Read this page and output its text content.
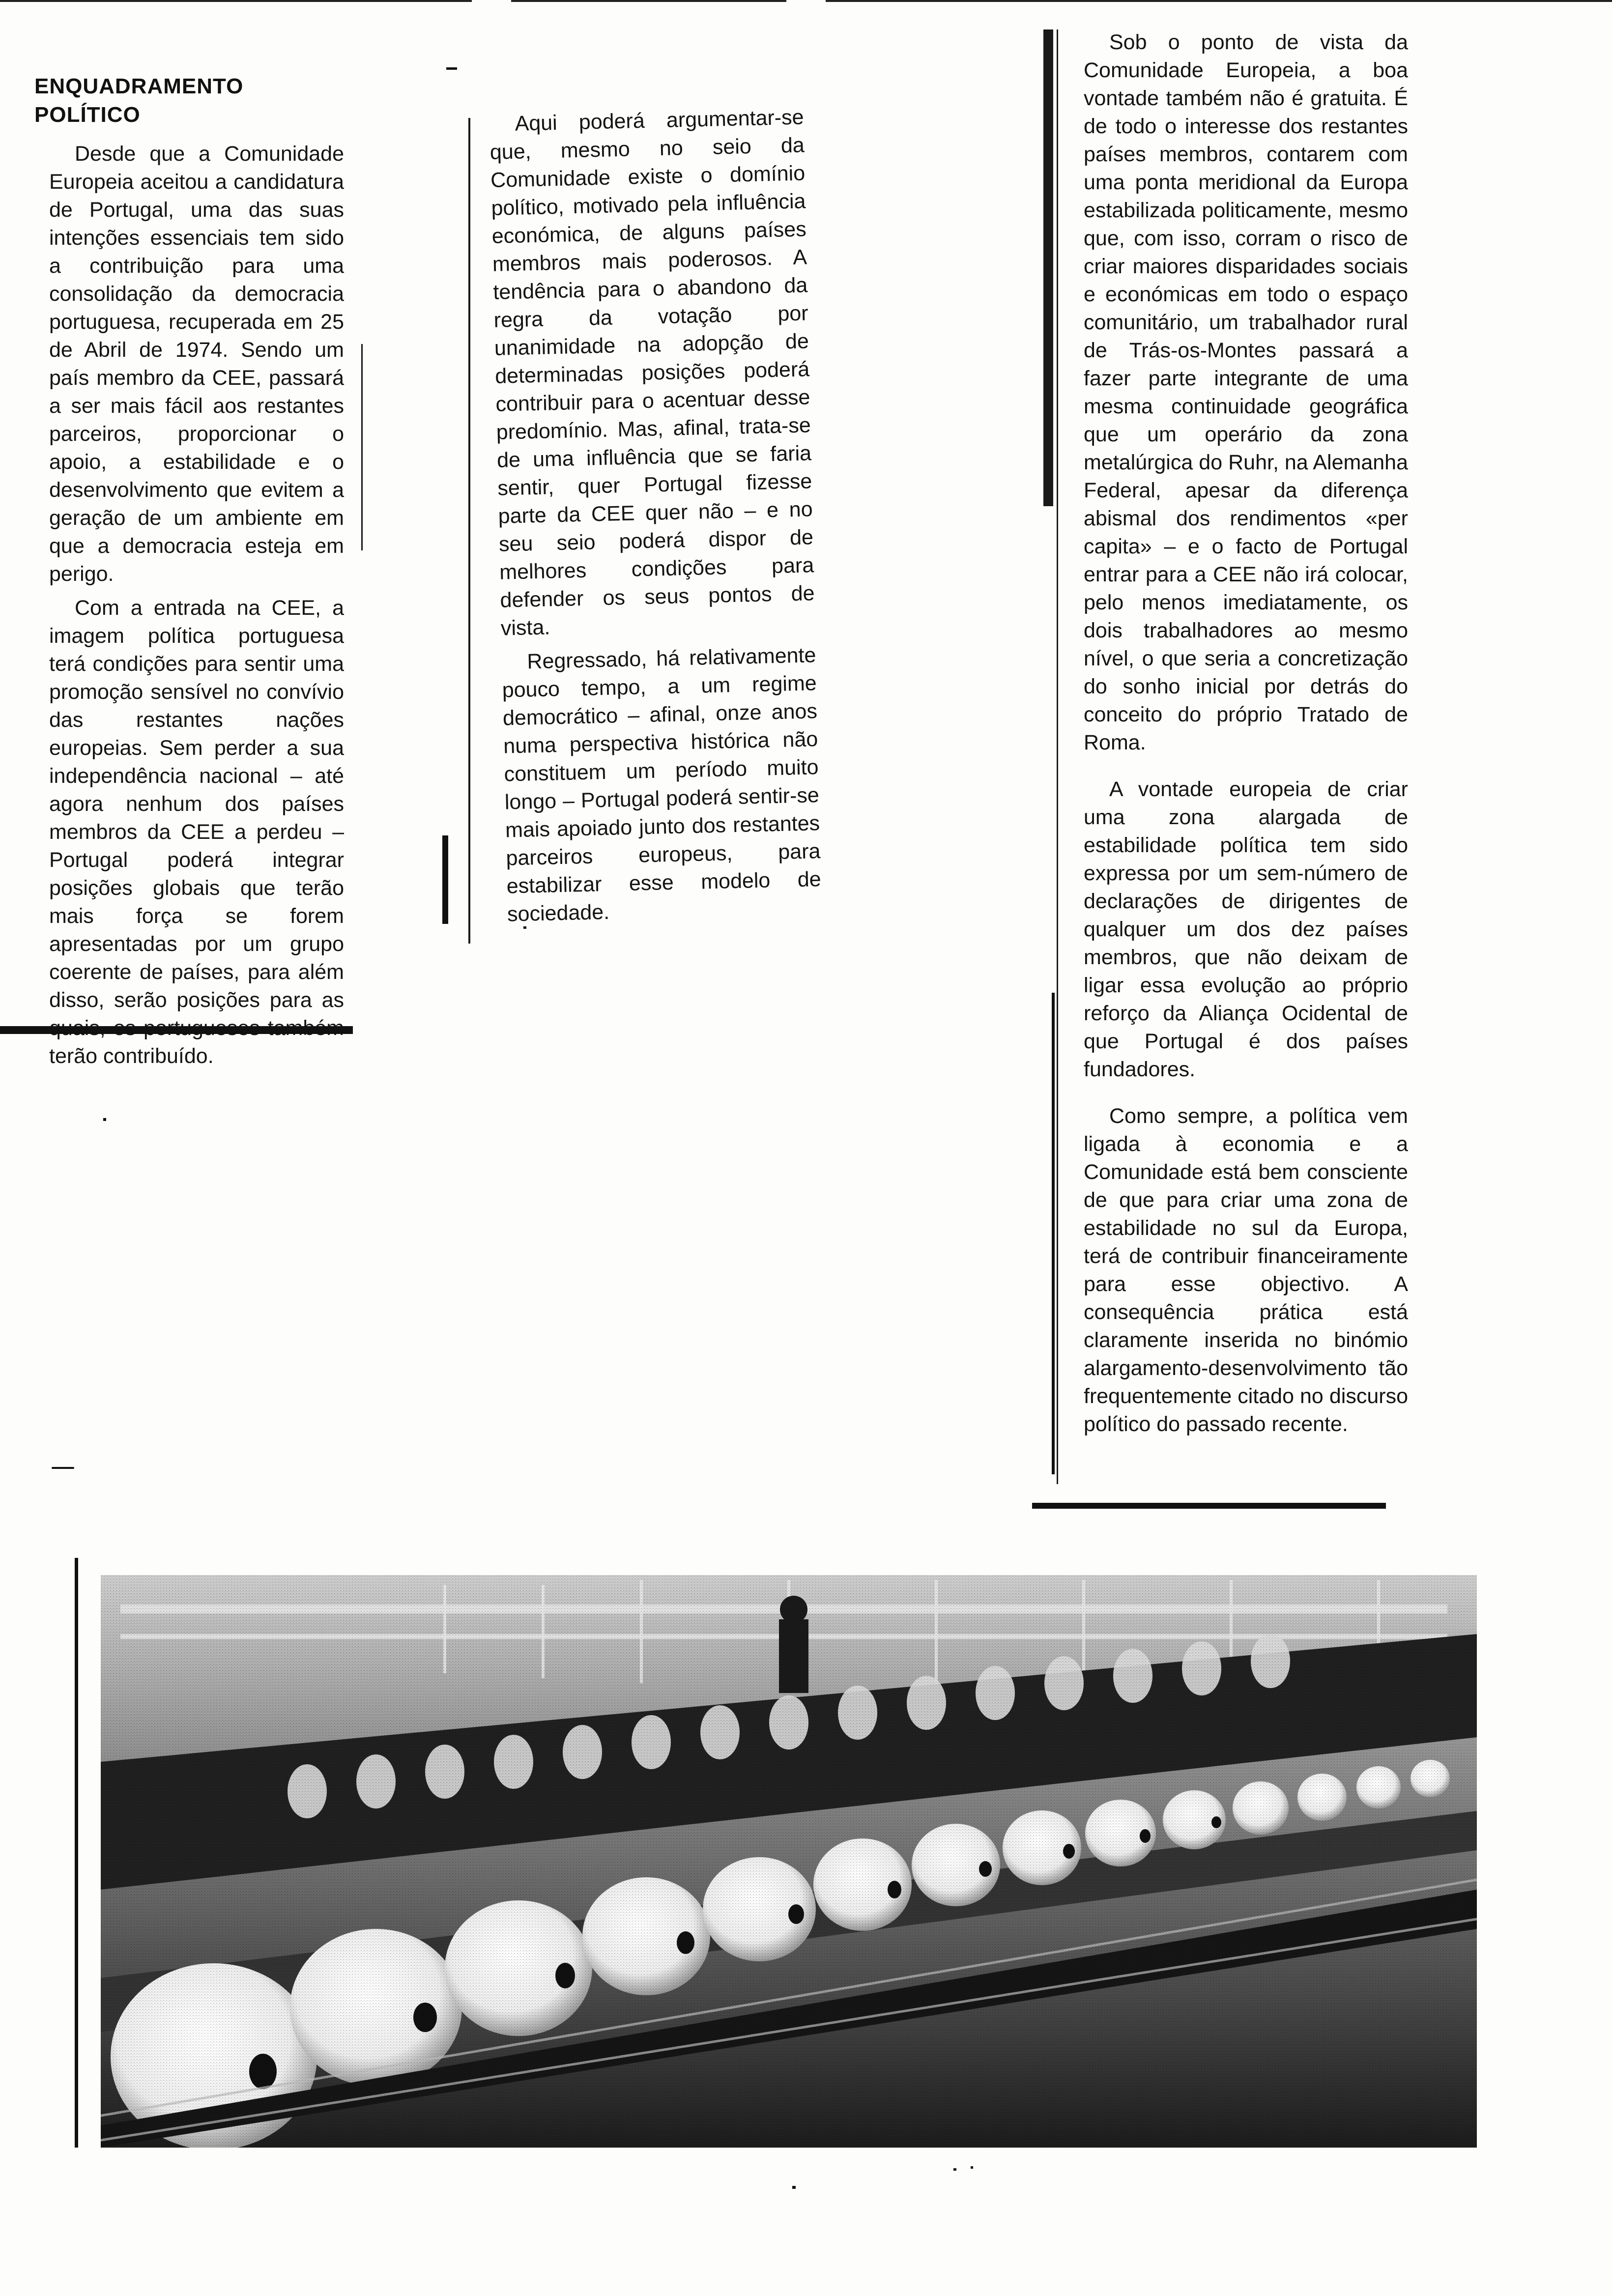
ENQUADRAMENTO POLÍTICO

Desde que a Comunidade Europeia aceitou a candidatura de Portugal, uma das suas intenções essenciais tem sido a contribuição para uma consolidação da democracia portuguesa, recuperada em 25 de Abril de 1974. Sendo um país membro da CEE, passará a ser mais fácil aos restantes parceiros, proporcionar o apoio, a estabilidade e o desenvolvimento que evitem a geração de um ambiente em que a democracia esteja em perigo.

Com a entrada na CEE, a imagem política portuguesa terá condições para sentir uma promoção sensível no convívio das restantes nações europeias. Sem perder a sua independência nacional – até agora nenhum dos países membros da CEE a perdeu – Portugal poderá integrar posições globais que terão mais força se forem apresentadas por um grupo coerente de países, para além disso, serão posições para as terão contribuído.

Aqui poderá argumentar-se que, mesmo no seio da Comunidade existe o domínio político, motivado pela influência económica, de alguns países membros mais poderosos. A tendência para o abandono da regra da votação por unanimidade na adopção de determinadas posições poderá contribuir para o acentuar desse predomínio. Mas, afinal, trata-se de uma influência que se faria sentir, quer Portugal fizesse parte da CEE quer não – e no seu seio poderá dispor de melhores condições para defender os seus pontos de vista.

Regressado, há relativamente pouco tempo, a um regime democrático – afinal, onze anos numa perspectiva histórica não constituem um período muito longo – Portugal poderá sentir-se mais apoiado junto dos restantes parceiros europeus, para estabilizar esse modelo de sociedade.

Sob o ponto de vista da Comunidade Europeia, a boa vontade também não é gratuita. É de todo o interesse dos restantes países membros, contarem com uma ponta meridional da Europa estabilizada politicamente, mesmo que, com isso, corram o risco de criar maiores disparidades sociais e económicas em todo o espaço comunitário, um trabalhador rural de Trás-os-Montes passará a fazer parte integrante de uma mesma continuidade geográfica que um operário da zona metalúrgica do Ruhr, na Alemanha Federal, apesar da diferença abismal dos rendimentos «per capita» – e o facto de Portugal entrar para a CEE não irá colocar, pelo menos imediatamente, os dois trabalhadores ao mesmo nível, o que seria a concretização do sonho inicial por detrás do conceito do próprio Tratado de Roma.

A vontade europeia de criar uma zona alargada de estabilidade política tem sido expressa por um sem-número de declarações de dirigentes de qualquer um dos dez países membros, que não deixam de ligar essa evolução ao próprio reforço da Aliança Ocidental de que Portugal é dos países fundadores.

Como sempre, a política vem ligada à economia e a Comunidade está bem consciente de que para criar uma zona de estabilidade no sul da Europa, terá de contribuir financeiramente para esse objectivo. A consequência prática está claramente inserida no binómio alargamento-desenvolvimento tão frequentemente citado no discurso político do passado recente.
